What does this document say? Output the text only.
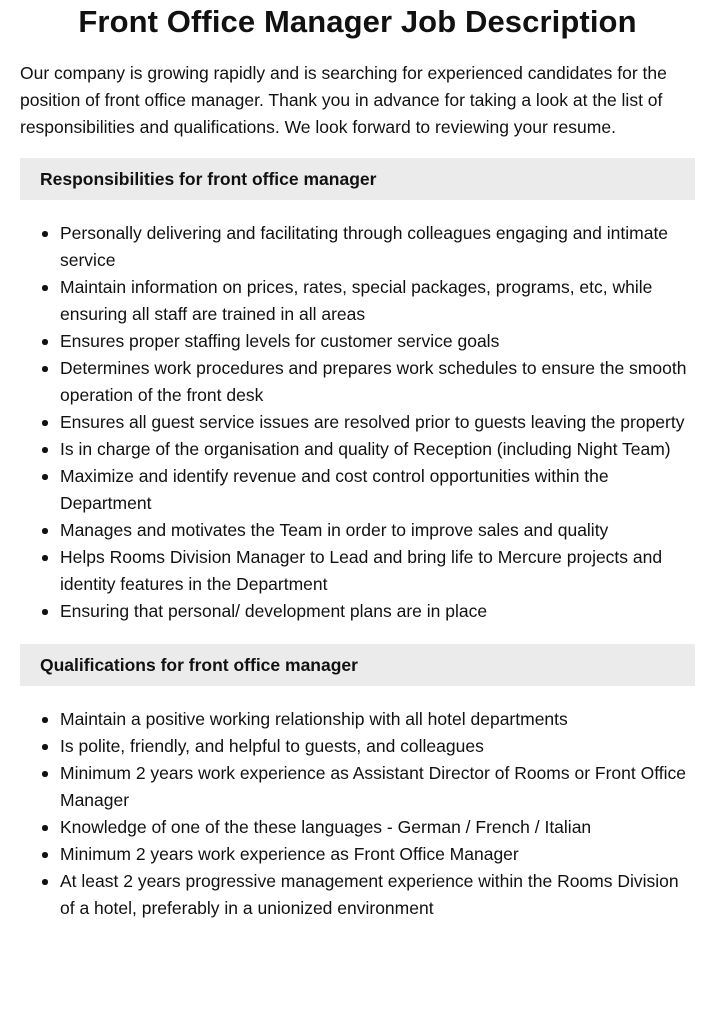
Front Office Manager Job Description

Our company is growing rapidly and is searching for experienced candidates for the position of front office manager. Thank you in advance for taking a look at the list of responsibilities and qualifications. We look forward to reviewing your resume.

Responsibilities for front office manager
Personally delivering and facilitating through colleagues engaging and intimate service
Maintain information on prices, rates, special packages, programs, etc, while ensuring all staff are trained in all areas
Ensures proper staffing levels for customer service goals
Determines work procedures and prepares work schedules to ensure the smooth operation of the front desk
Ensures all guest service issues are resolved prior to guests leaving the property
Is in charge of the organisation and quality of Reception (including Night Team)
Maximize and identify revenue and cost control opportunities within the Department
Manages and motivates the Team in order to improve sales and quality
Helps Rooms Division Manager to Lead and bring life to Mercure projects and identity features in the Department
Ensuring that personal/ development plans are in place
Qualifications for front office manager
Maintain a positive working relationship with all hotel departments
Is polite, friendly, and helpful to guests, and colleagues
Minimum 2 years work experience as Assistant Director of Rooms or Front Office Manager
Knowledge of one of the these languages - German / French / Italian
Minimum 2 years work experience as Front Office Manager
At least 2 years progressive management experience within the Rooms Division of a hotel, preferably in a unionized environment
